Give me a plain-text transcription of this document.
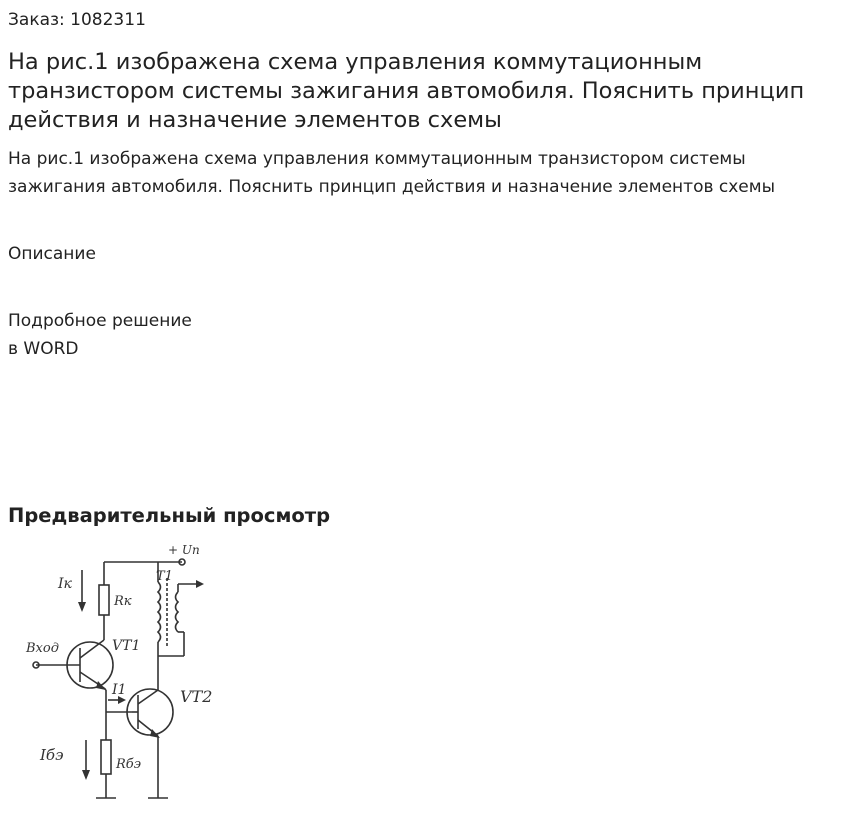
Заказ: 1082311
На рис.1 изображена схема управления коммутационным транзистором системы зажигания автомобиля. Пояснить принцип действия и назначение элементов схемы

На рис.1 изображена схема управления коммутационным транзистором системы зажигания автомобиля. Пояснить принцип действия и назначение элементов схемы

Описание
Подробное решение
в WORD
Предварительный просмотр
+ Uп
Rк
Iк	T1
Вход	VT1
I1	VT2
Rбэ
Iбэ
